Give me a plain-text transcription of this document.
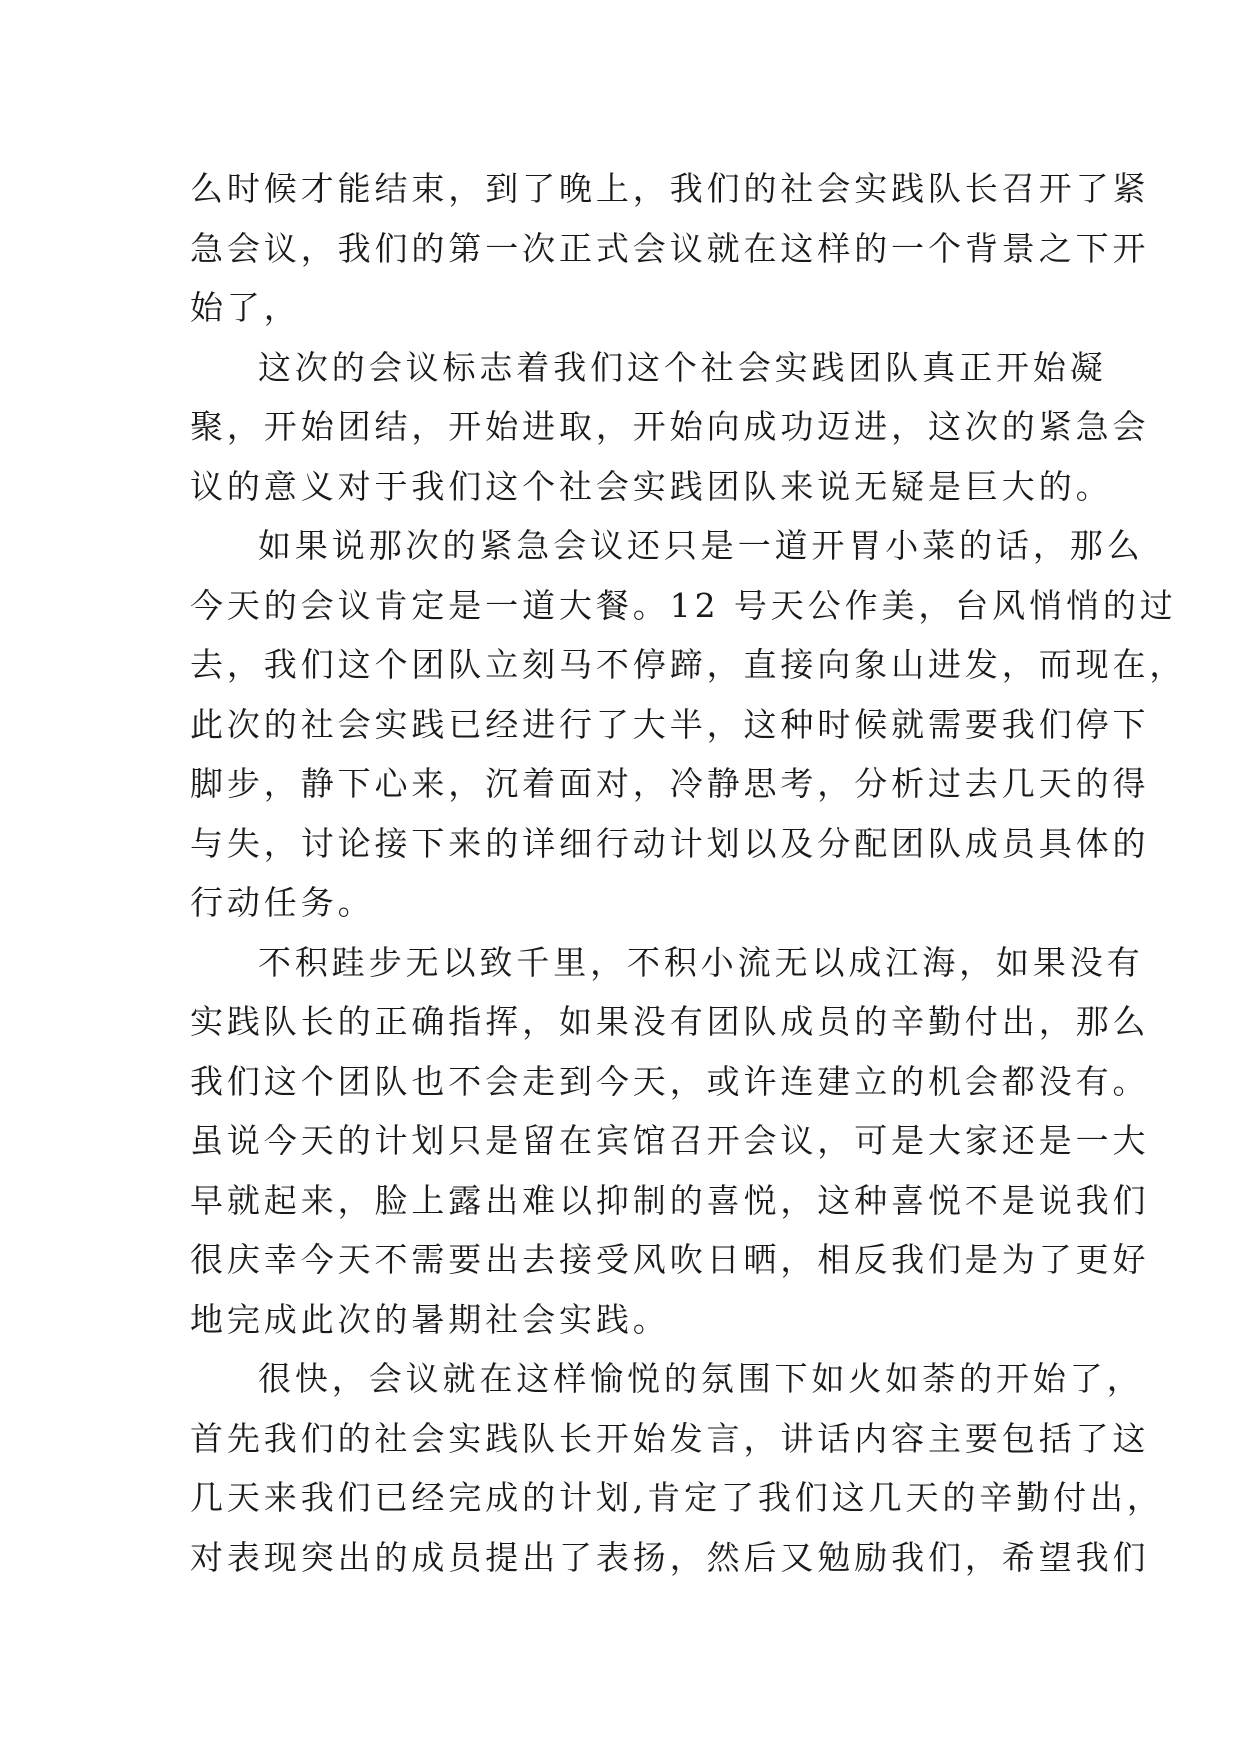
么时候才能结束，到了晚上，我们的社会实践队长召开了紧
急会议，我们的第一次正式会议就在这样的一个背景之下开
始了，
这次的会议标志着我们这个社会实践团队真正开始凝
聚，开始团结，开始进取，开始向成功迈进，这次的紧急会
议的意义对于我们这个社会实践团队来说无疑是巨大的。
如果说那次的紧急会议还只是一道开胃小菜的话，那么
今天的会议肯定是一道大餐。12 号天公作美，台风悄悄的过
去，我们这个团队立刻马不停蹄，直接向象山进发，而现在，
此次的社会实践已经进行了大半，这种时候就需要我们停下
脚步，静下心来，沉着面对，冷静思考，分析过去几天的得
与失，讨论接下来的详细行动计划以及分配团队成员具体的
行动任务。
不积跬步无以致千里，不积小流无以成江海，如果没有
实践队长的正确指挥，如果没有团队成员的辛勤付出，那么
我们这个团队也不会走到今天，或许连建立的机会都没有。
虽说今天的计划只是留在宾馆召开会议，可是大家还是一大
早就起来，脸上露出难以抑制的喜悦，这种喜悦不是说我们
很庆幸今天不需要出去接受风吹日晒，相反我们是为了更好
地完成此次的暑期社会实践。
很快，会议就在这样愉悦的氛围下如火如荼的开始了，
首先我们的社会实践队长开始发言，讲话内容主要包括了这
几天来我们已经完成的计划,肯定了我们这几天的辛勤付出，
对表现突出的成员提出了表扬，然后又勉励我们，希望我们
